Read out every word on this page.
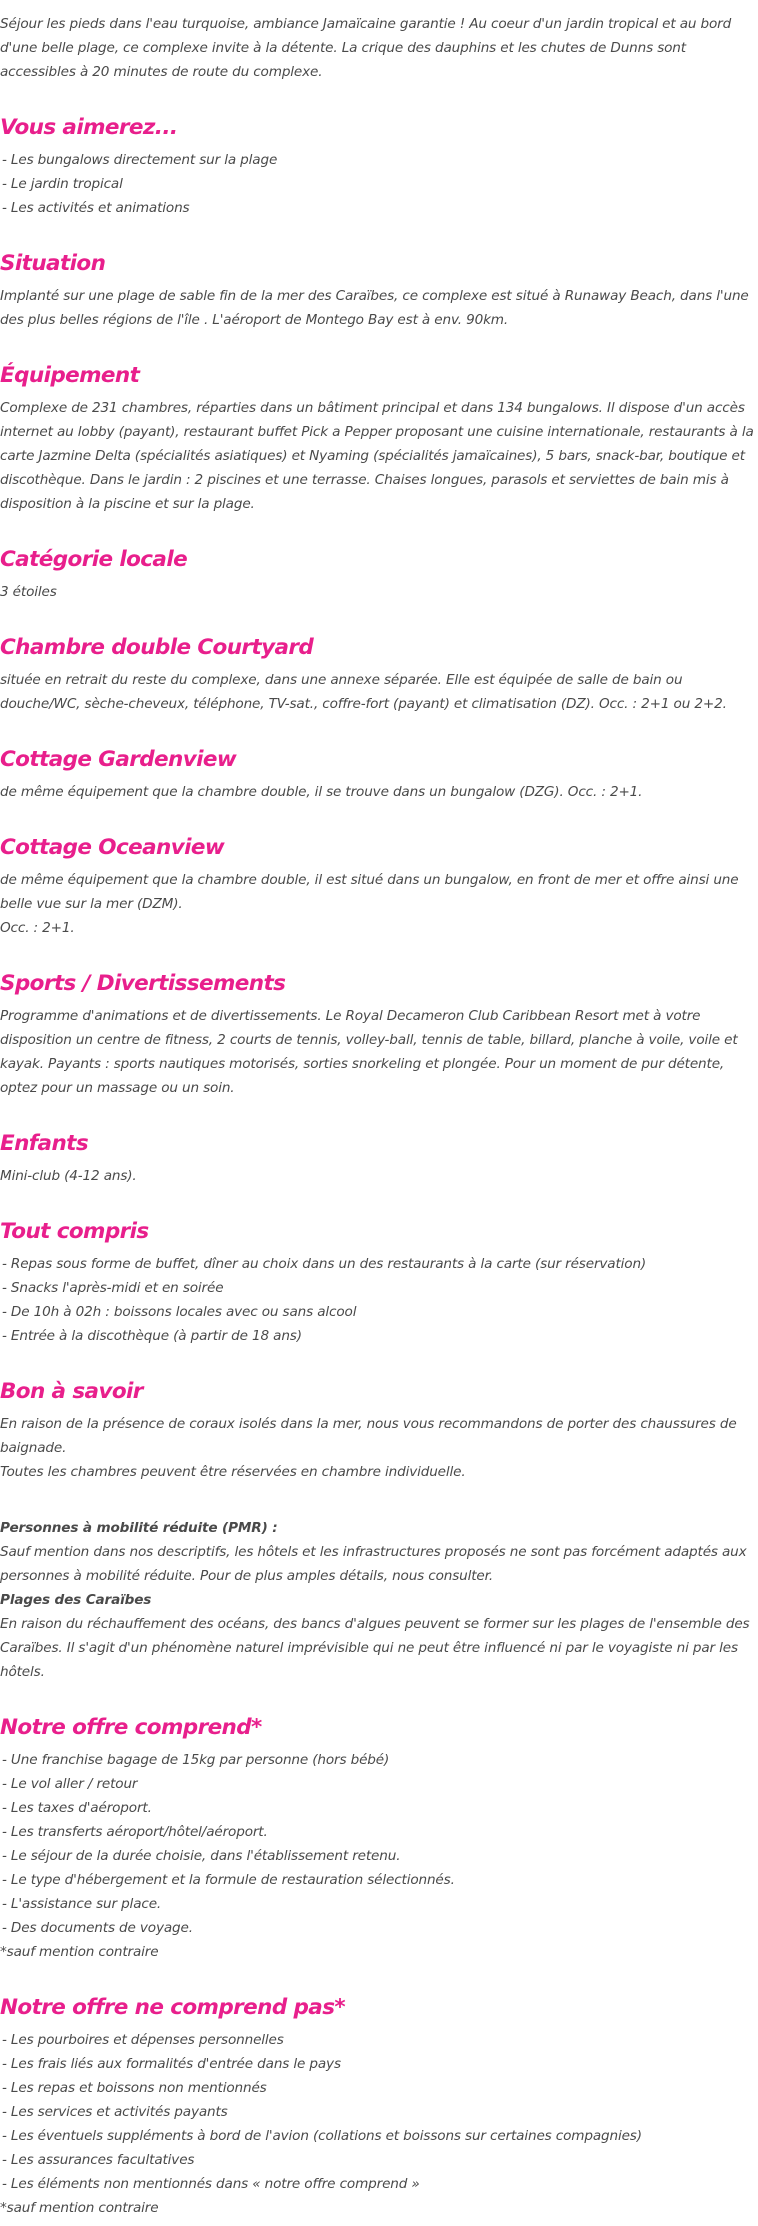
Séjour les pieds dans l'eau turquoise, ambiance Jamaïcaine garantie ! Au coeur d'un jardin tropical et au bord d'une belle plage, ce complexe invite à la détente. La crique des dauphins et les chutes de Dunns sont accessibles à 20 minutes de route du complexe.

Vous aimerez...
- Les bungalows directement sur la plage
- Le jardin tropical
- Les activités et animations
Situation

Implanté sur une plage de sable fin de la mer des Caraïbes, ce complexe est situé à Runaway Beach, dans l'une des plus belles régions de l'île . L'aéroport de Montego Bay est à env. 90km.

Équipement

Complexe de 231 chambres, réparties dans un bâtiment principal et dans 134 bungalows. Il dispose d'un accès internet au lobby (payant), restaurant buffet Pick a Pepper proposant une cuisine internationale, restaurants à la carte Jazmine Delta (spécialités asiatiques) et Nyaming (spécialités jamaïcaines), 5 bars, snack-bar, boutique et discothèque. Dans le jardin : 2 piscines et une terrasse. Chaises longues, parasols et serviettes de bain mis à disposition à la piscine et sur la plage.

Catégorie locale

3 étoiles

Chambre double Courtyard

située en retrait du reste du complexe, dans une annexe séparée. Elle est équipée de salle de bain ou douche/WC, sèche-cheveux, téléphone, TV-sat., coffre-fort (payant) et climatisation (DZ). Occ. : 2+1 ou 2+2.

Cottage Gardenview

de même équipement que la chambre double, il se trouve dans un bungalow (DZG). Occ. : 2+1.

Cottage Oceanview

de même équipement que la chambre double, il est situé dans un bungalow, en front de mer et offre ainsi une belle vue sur la mer (DZM).

Occ. : 2+1.

Sports / Divertissements

Programme d'animations et de divertissements. Le Royal Decameron Club Caribbean Resort met à votre disposition un centre de fitness, 2 courts de tennis, volley-ball, tennis de table, billard, planche à voile, voile et kayak. Payants : sports nautiques motorisés, sorties snorkeling et plongée. Pour un moment de pur détente, optez pour un massage ou un soin.

Enfants

Mini-club (4-12 ans).

Tout compris
- Repas sous forme de buffet, dîner au choix dans un des restaurants à la carte (sur réservation)
- Snacks l'après-midi et en soirée
- De 10h à 02h : boissons locales avec ou sans alcool
- Entrée à la discothèque (à partir de 18 ans)
Bon à savoir

En raison de la présence de coraux isolés dans la mer, nous vous recommandons de porter des chaussures de baignade.

Toutes les chambres peuvent être réservées en chambre individuelle.

Personnes à mobilité réduite (PMR) :

Sauf mention dans nos descriptifs, les hôtels et les infrastructures proposés ne sont pas forcément adaptés aux personnes à mobilité réduite. Pour de plus amples détails, nous consulter.

Plages des Caraïbes

En raison du réchauffement des océans, des bancs d'algues peuvent se former sur les plages de l'ensemble des Caraïbes. Il s'agit d'un phénomène naturel imprévisible qui ne peut être influencé ni par le voyagiste ni par les hôtels.

Notre offre comprend*
- Une franchise bagage de 15kg par personne (hors bébé)
- Le vol aller / retour
- Les taxes d'aéroport.
- Les transferts aéroport/hôtel/aéroport.
- Le séjour de la durée choisie, dans l'établissement retenu.
- Le type d'hébergement et la formule de restauration sélectionnés.
- L'assistance sur place.
- Des documents de voyage.

*sauf mention contraire

Notre offre ne comprend pas*
- Les pourboires et dépenses personnelles
- Les frais liés aux formalités d'entrée dans le pays
- Les repas et boissons non mentionnés
- Les services et activités payants
- Les éventuels suppléments à bord de l'avion (collations et boissons sur certaines compagnies)
- Les assurances facultatives
- Les éléments non mentionnés dans « notre offre comprend »

*sauf mention contraire
